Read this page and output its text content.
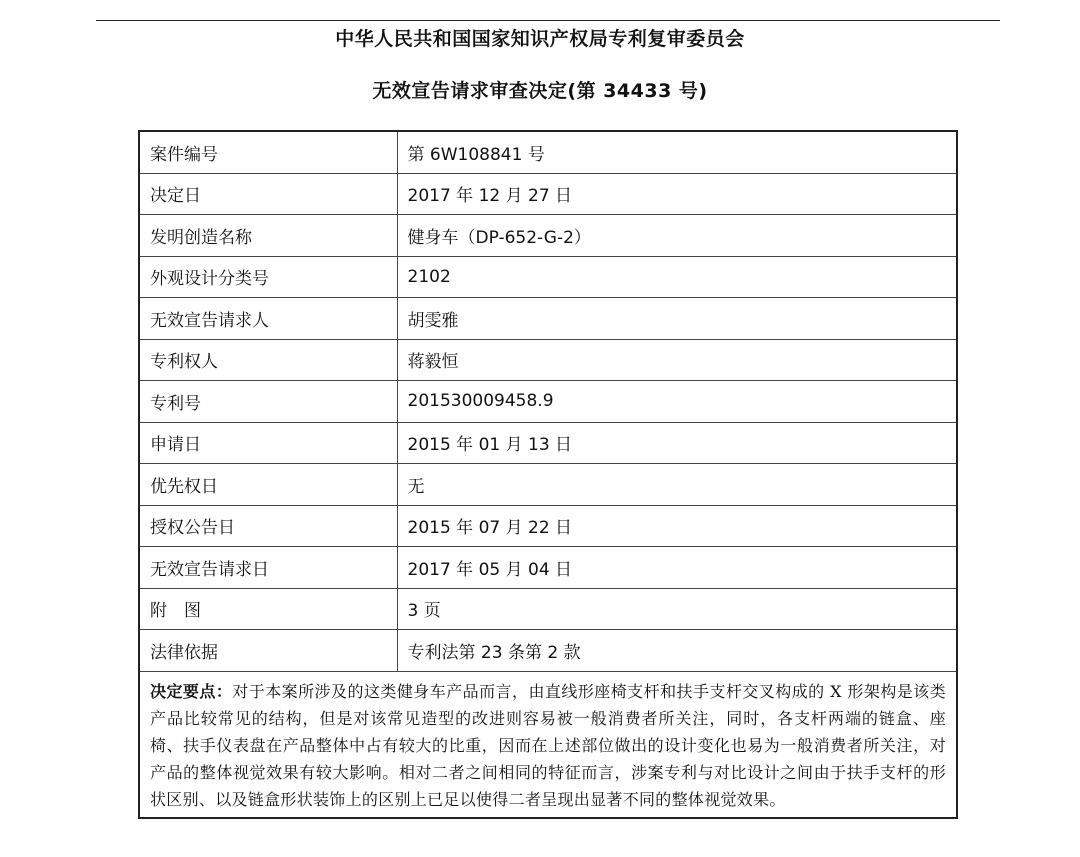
中华人民共和国国家知识产权局专利复审委员会
无效宣告请求审查决定(第 34433 号)
案件编号	第 6W108841 号
决定日	2017 年 12 月 27 日
发明创造名称	健身车（DP-652-G-2）
外观设计分类号	2102
无效宣告请求人	胡雯雅
专利权人	蒋毅恒
专利号	201530009458.9
申请日	2015 年 01 月 13 日
优先权日	无
授权公告日	2015 年 07 月 22 日
无效宣告请求日	2017 年 05 月 04 日
附　图	3 页
法律依据	专利法第 23 条第 2 款
决定要点：对于本案所涉及的这类健身车产品而言，由直线形座椅支杆和扶手支杆交叉构成的 X 形架构是该类产品比较常见的结构，但是对该常见造型的改进则容易被一般消费者所关注，同时，各支杆两端的链盒、座椅、扶手仪表盘在产品整体中占有较大的比重，因而在上述部位做出的设计变化也易为一般消费者所关注，对产品的整体视觉效果有较大影响。相对二者之间相同的特征而言，涉案专利与对比设计之间由于扶手支杆的形状区别、以及链盒形状装饰上的区别上已足以使得二者呈现出显著不同的整体视觉效果。	
